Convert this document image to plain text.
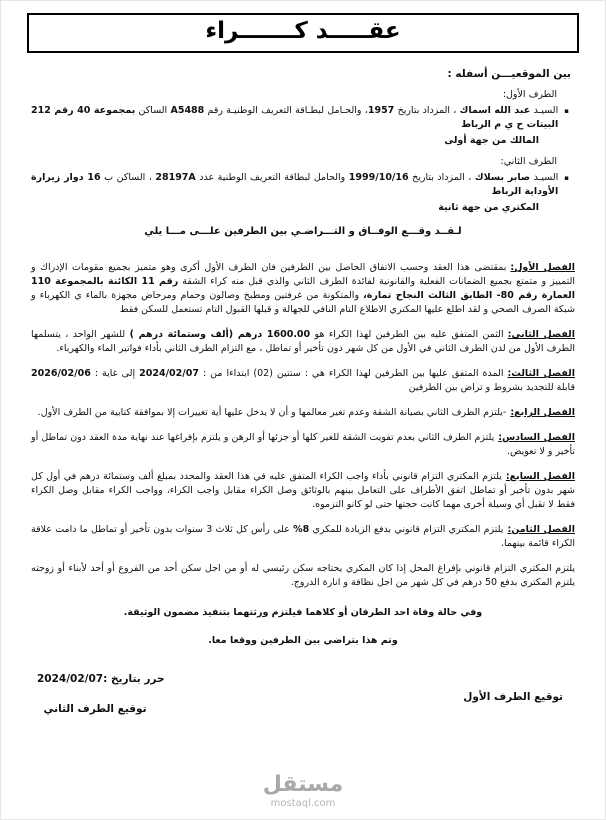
عقـــــد كـــــــراء
بين الموقعيـــن أسفله :
الطرف الأول:
▪
السيـد عبد الله اسماك ، المزداد بتاريخ 1957، والحـامل لبطـاقة التعريف الوطنيـة رقم A5488 الساكن بمجموعة 40 رقم 212 البيتات ح ي م الرباط
المالك من جهة أولى
الطرف الثاني:
▪
السيـد صابر بسلاك ، المزداد بتاريخ 1999/10/16 والحامل لبطاقة التعريف الوطنية عدد 28197A ، الساكن ب 16 دوار زيرارة الأوداية الرباط
المكتري من جهة ثانية
لـقــد وقـــع الوفــاق و التـــراضـي بين الطرفين علـــى مـــا يلي

الفصل الأول:بمقتضى هذا العقد وحسب الاتفاق الحاصل بين الطرفين فان الطرف الأول أكرى وهو متميز بجميع مقومات الإدراك و التمييز و متمتع بجميع الضمانات الفعلية والقانونية لفائدة الطرف الثاني والذي قبل منه كراء الشقة رقم 11 الكائنة بالمجموعة 110 العمارة رقم 80- الطابق الثالث النجاح تمارة، والمتكونة من غرفتين ومطبخ وصالون وحمام ومرحاض مجهزة بالماء ي الكهرباء و شبكة الصرف الصحي و لقد اطلع عليها المكتري الاطلاع التام النافي للجهالة و قبلها القبول التام تستعمل للسكن فقط

الفصل الثاني:الثمن المتفق عليه بين الطرفين لهذا الكراء هو 1600.00 درهم (ألف وستمائة درهم ) للشهر الواحد ، يتسلمها الطرف الأول من لدن الطرف الثاني في الأول من كل شهر دون تأخير أو تماطل ، مع التزام الطرف الثاني بأداء فواتير الماء والكهرباء.

الفصل الثالث:المدة المتفق عليها بين الطرفين لهذا الكراء هي : ستتين (02) ابتداءا من : 2024/02/07 إلى غاية : 2026/02/06 قابلة للتجديد بشروط و تراض بين الطرفين

الفصل الرابع:-يلتزم الطرف الثاني بصيانة الشقة وعدم تغير معالمها و أن لا يدخل عليها أية تغييرات إلا بموافقة كتابية من الطرف الأول.

الفصل السادس:يلتزم الطرف الثاني بعدم تفويت الشقة للغير كلها أو جزئها أو الرهن و يلتزم بإفراغها عند نهاية مدة العقد دون تماطل أو تأخير و لا تعويض.

الفصل السابع:يلتزم المكتري التزام قانوني بأداء واجب الكراء المتفق عليه في هذا العقد والمحدد بمبلغ ألف وستمائة درهم في أول كل شهر بدون تأخير أو تماطل اتفق الأطراف على التعامل بينهم بالوثائق وصل الكراء مقابل واجب الكراء، وواجب الكراء مقابل وصل الكراء فقط لا تقبل أي وسيلة أخرى مهما كانت حجتها حتى لو كانو التزموه.

الفصل الثامن:يلتزم المكتري التزام قانوني بدفع الزيادة للمكري 8% على رأس كل ثلاث 3 سنوات بدون تأخير أو تماطل ما دامت علاقة الكراء قائمة بينهما.

يلتزم المكتري التزام قانوني بإفراغ المحل إذا كان المكري يحتاجه سكن رئيسي له أو من اجل سكن أحد من الفروع أو أحد لأبناء أو زوجته يلتزم المكتري بدفع 50 درهم في كل شهر من اجل نظافة و انارة الدروج.

وفي حالة وفاة احد الطرفان أو كلاهما فيلتزم ورثتهما بتنفيذ مضمون الوثيقة.
وتم هذا بتراضي بين الطرفين ووقعا معا.
توقيع الطرف الأول
حرر بتاريخ :2024/02/07
توقيع الطرف الثاني
مستقل
mostaql.com
